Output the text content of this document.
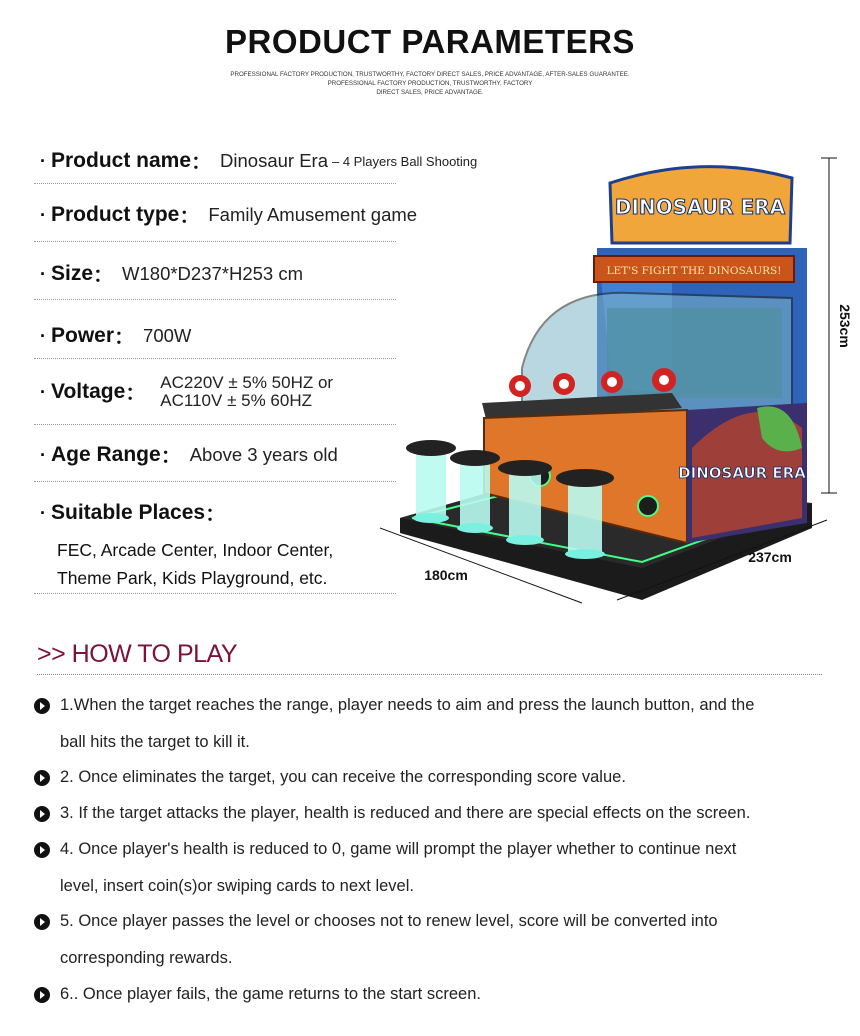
PRODUCT PARAMETERS
PROFESSIONAL FACTORY PRODUCTION, TRUSTWORTHY, FACTORY DIRECT SALES, PRICE ADVANTAGE, AFTER-SALES GUARANTEE.
PROFESSIONAL FACTORY PRODUCTION, TRUSTWORTHY, FACTORY
DIRECT SALES, PRICE ADVANTAGE.
· Product name ： Dinosaur Era – 4 Players Ball Shooting
· Product type ： Family Amusement game
· Size ： W180*D237*H253 cm
· Power ： 700W
· Voltage ： AC220V ± 5% 50HZ or
AC110V ± 5% 60HZ
· Age Range ： Above 3 years old
· Suitable Places ：
FEC, Arcade Center, Indoor Center,
Theme Park, Kids Playground, etc.
DINOSAUR ERA
LET'S FIGHT THE DINOSAURS!
DINOSAUR ERA
253cm
237cm
180cm
>> HOW TO PLAY
1.When the target reaches the range, player needs to aim and press the launch button, and the
ball hits the target to kill it.
2. Once eliminates the target, you can receive the corresponding score value.
3. If the target attacks the player, health is reduced and there are special effects on the screen.
4. Once player's health is reduced to 0, game will prompt the player whether to continue next
level, insert coin(s)or swiping cards to next level.
5. Once player passes the level or chooses not to renew level, score will be converted into
corresponding rewards.
6.. Once player fails, the game returns to the start screen.
